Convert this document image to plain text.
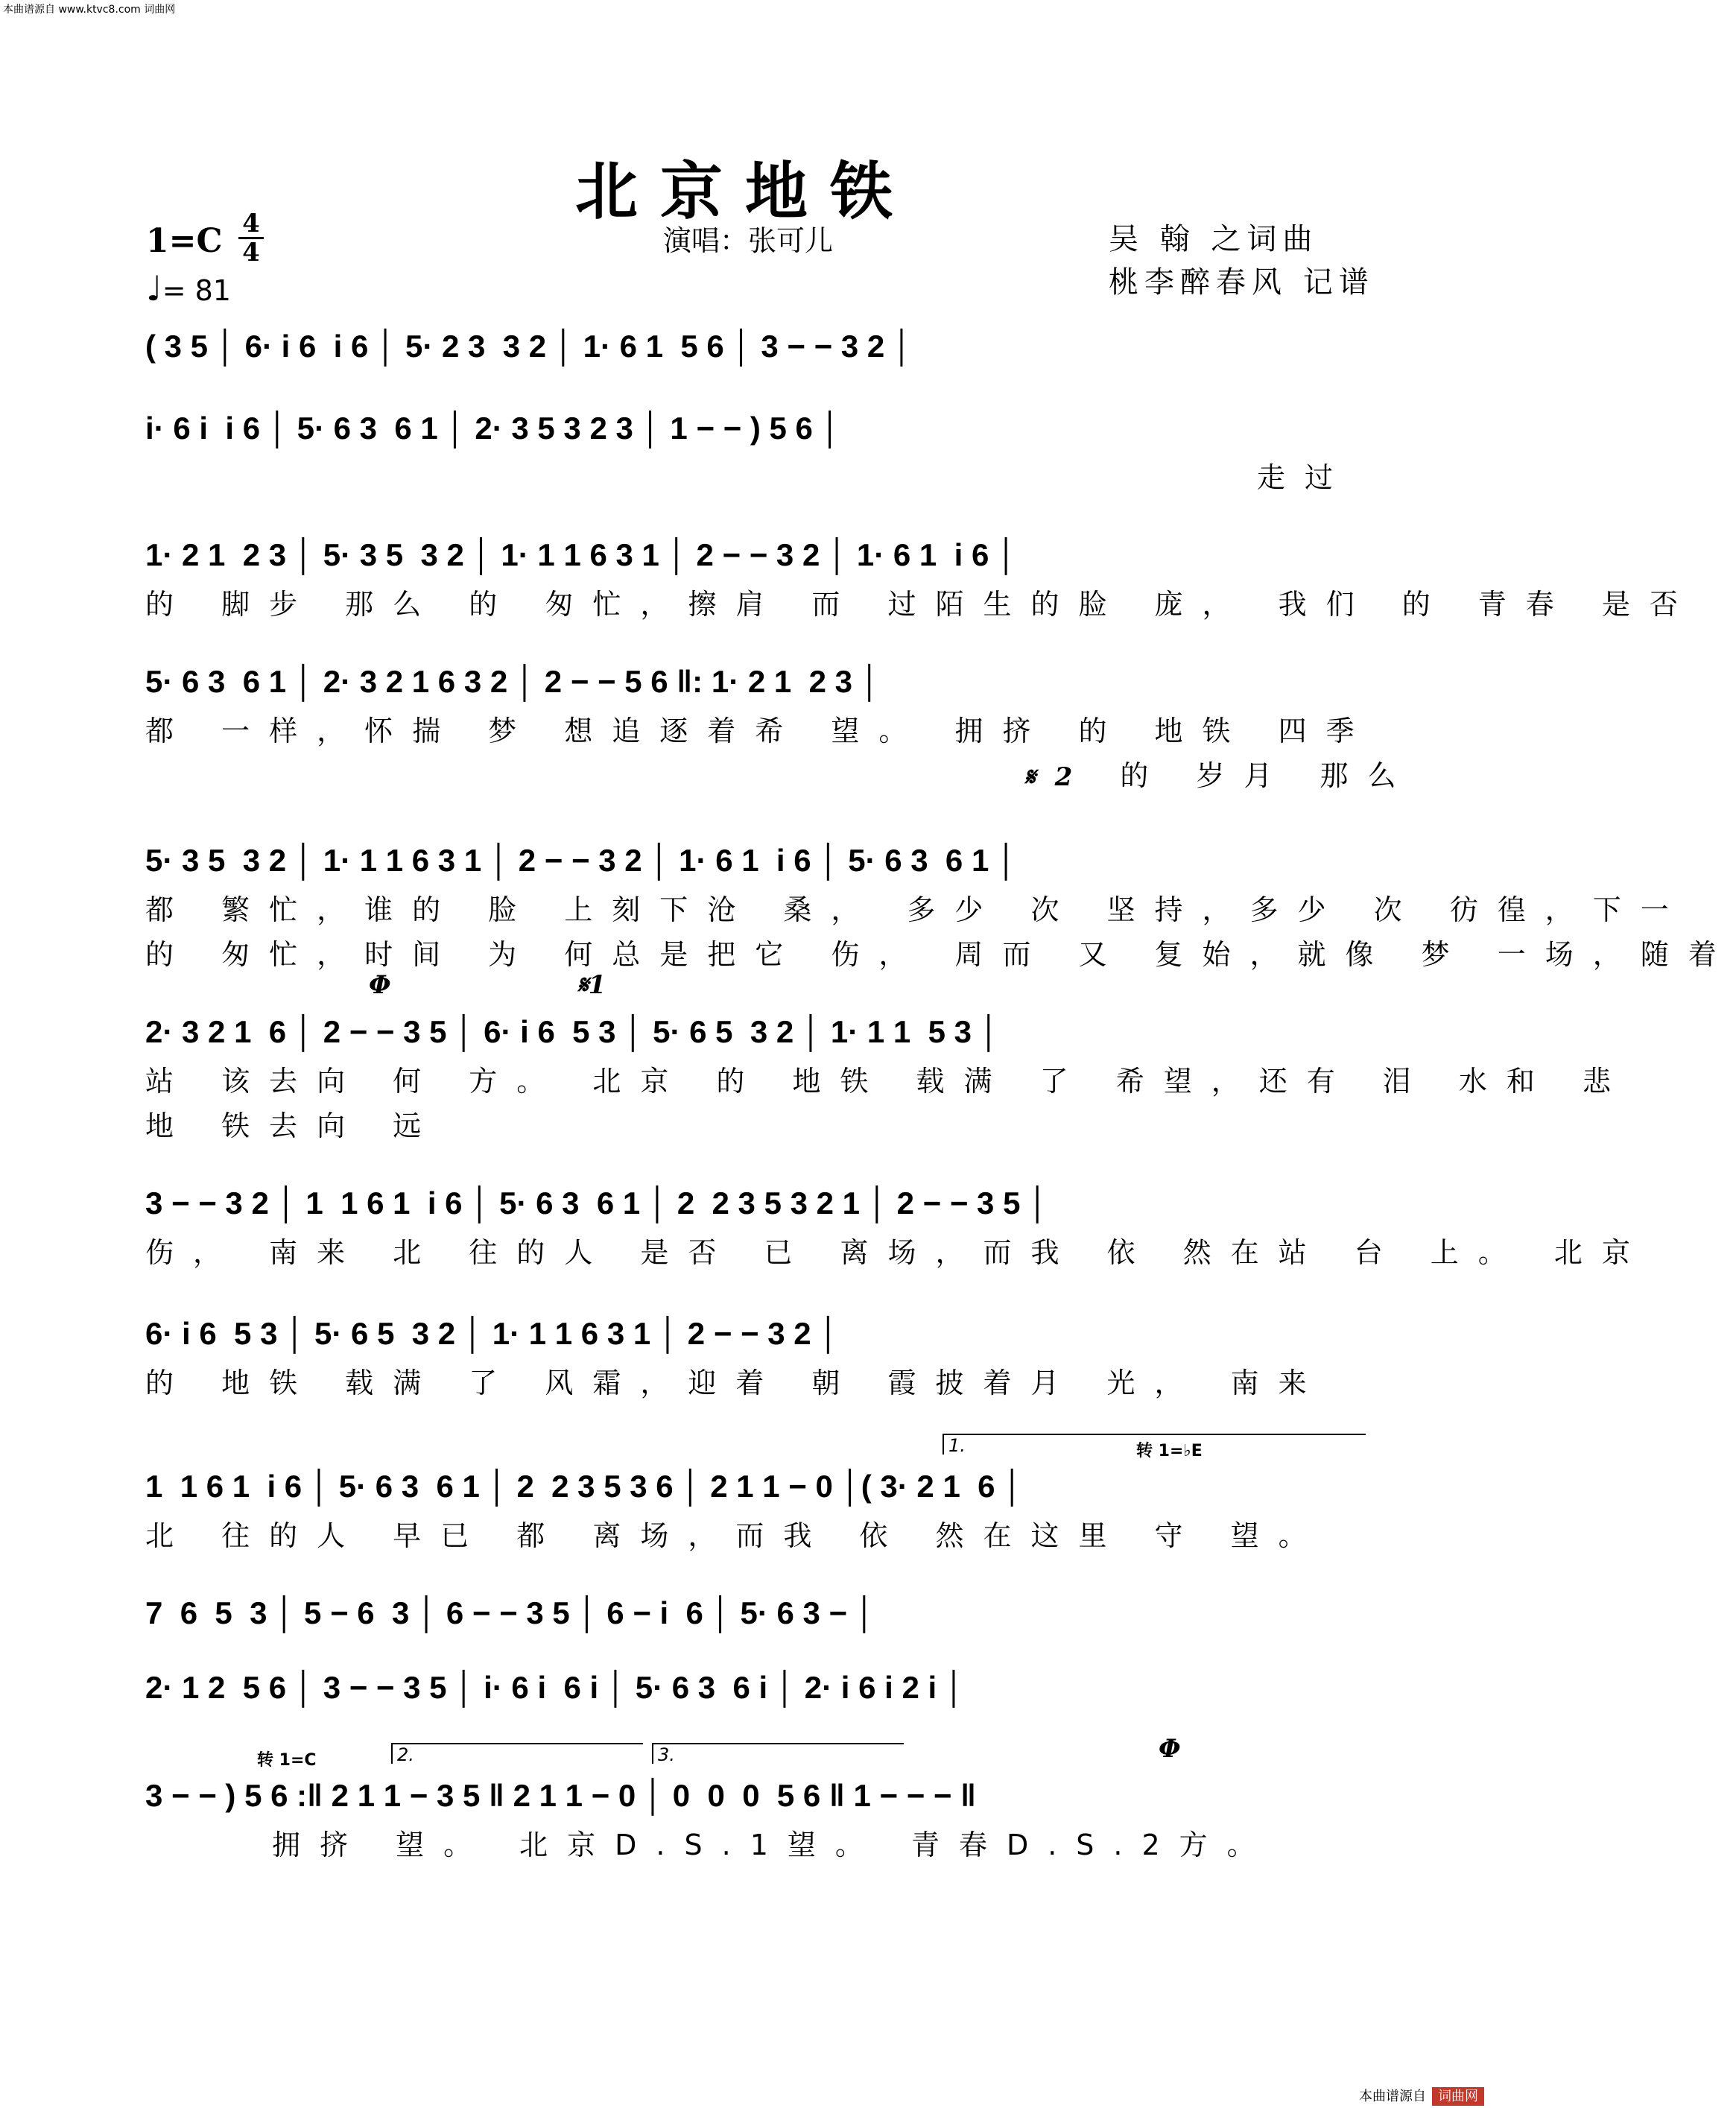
本曲谱源自 www.ktvc8.com 词曲网
北京地铁
演唱：张可儿	吴 翰 之词曲
桃李醉春风 记谱
1=C 4
4
♩= 81
( 3 5 │ 6· i 6  i 6 │ 5· 2 3  3 2 │ 1· 6 1  5 6 │ 3 − − 3 2 │
i· 6 i  i 6 │ 5· 6 3  6 1 │ 2· 3 5 3 2 3 │ 1 − − ) 5 6 │
走过
1· 2 1  2 3 │ 5· 3 5  3 2 │ 1· 1 1 6 3 1 │ 2 − − 3 2 │ 1· 6 1  i 6 │
的 脚步 那么 的 匆忙，擦肩 而 过陌生的脸 庞， 我们 的 青春 是否
5· 6 3  6 1 │ 2· 3 2 1 6 3 2 │ 2 − − 5 6 ‖: 1· 2 1  2 3 │
都 一样，怀揣 梦 想追逐着希 望。 拥挤 的 地铁 四季
𝄋2 的 岁月 那么
5· 3 5  3 2 │ 1· 1 1 6 3 1 │ 2 − − 3 2 │ 1· 6 1  i 6 │ 5· 6 3  6 1 │
都 繁忙，谁的 脸 上刻下沧 桑， 多少 次 坚持，多少 次 彷徨，下一
的 匆忙，时间 为 何总是把它 伤， 周而 又 复始，就像 梦 一场，随着
Φ	𝄋1
2· 3 2 1  6 │ 2 − − 3 5 │ 6· i 6  5 3 │ 5· 6 5  3 2 │ 1· 1 1  5 3 │
站 该去向 何 方。 北京 的 地铁 载满 了 希望，还有 泪 水和 悲
地 铁去向 远
3 − − 3 2 │ 1  1 6 1  i 6 │ 5· 6 3  6 1 │ 2  2 3 5 3 2 1 │ 2 − − 3 5 │
伤， 南来 北 往的人 是否 已 离场，而我 依 然在站 台 上。 北京
6· i 6  5 3 │ 5· 6 5  3 2 │ 1· 1 1 6 3 1 │ 2 − − 3 2 │
的 地铁 载满 了 风霜，迎着 朝 霞披着月 光， 南来
1.	转 1=♭E
1  1 6 1  i 6 │ 5· 6 3  6 1 │ 2  2 3 5 3 6 │ 2 1 1 − 0 │( 3· 2 1  6 │
北 往的人 早已 都 离场，而我 依 然在这里 守 望。
7  6  5  3 │ 5 − 6  3 │ 6 − − 3 5 │ 6 − i  6 │ 5· 6 3 − │
2· 1 2  5 6 │ 3 − − 3 5 │ i· 6 i  6 i │ 5· 6 3  6 i │ 2· i 6 i 2 i │
转 1=C	2.	3.	Φ
3 − − ) 5 6 :‖ 2 1 1 − 3 5 ‖ 2 1 1 − 0 │ 0  0  0  5 6 ‖ 1 − − − ‖
拥挤 望。 北京D.S.1望。 青春D.S.2方。
本曲谱源自 词曲网
